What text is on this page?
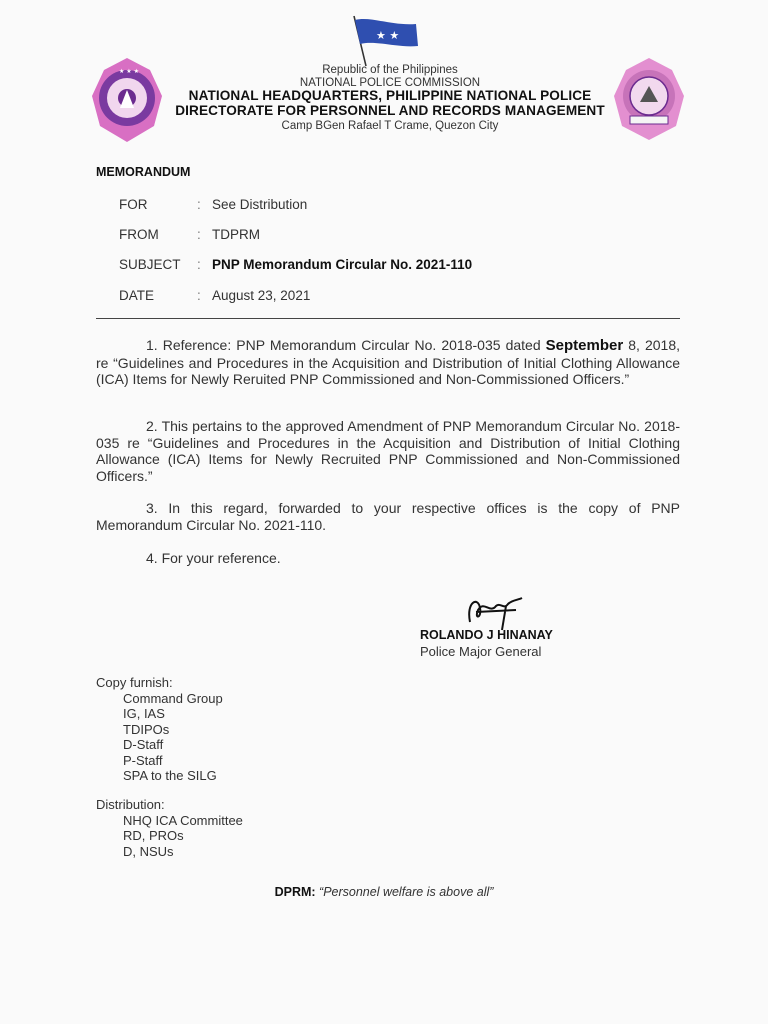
★ ★
★ ★ ★	Republic of the Philippines
NATIONAL POLICE COMMISSION
NATIONAL HEADQUARTERS, PHILIPPINE NATIONAL POLICE
DIRECTORATE FOR PERSONNEL AND RECORDS MANAGEMENT
Camp BGen Rafael T Crame, Quezon City
MEMORANDUM
FOR	: See Distribution
FROM	: TDPRM
SUBJECT	: PNP Memorandum Circular No. 2021-110
DATE	: August 23, 2021

1. Reference: PNP Memorandum Circular No. 2018-035 dated September 8, 2018, re “Guidelines and Procedures in the Acquisition and Distribution of Initial Clothing Allowance (ICA) Items for Newly Reruited PNP Commissioned and Non-Commissioned Officers.”

2. This pertains to the approved Amendment of PNP Memorandum Circular No. 2018-035 re “Guidelines and Procedures in the Acquisition and Distribution of Initial Clothing Allowance (ICA) Items for Newly Recruited PNP Commissioned and Non-Commissioned Officers.”

3. In this regard, forwarded to your respective offices is the copy of PNP Memorandum Circular No. 2021-110.

4. For your reference.

ROLANDO J HINANAY
Police Major General

Copy furnish:

Command Group

IG, IAS

TDIPOs

D-Staff

P-Staff

SPA to the SILG

Distribution:

NHQ ICA Committee

RD, PROs

D, NSUs

DPRM: “Personnel welfare is above all”
